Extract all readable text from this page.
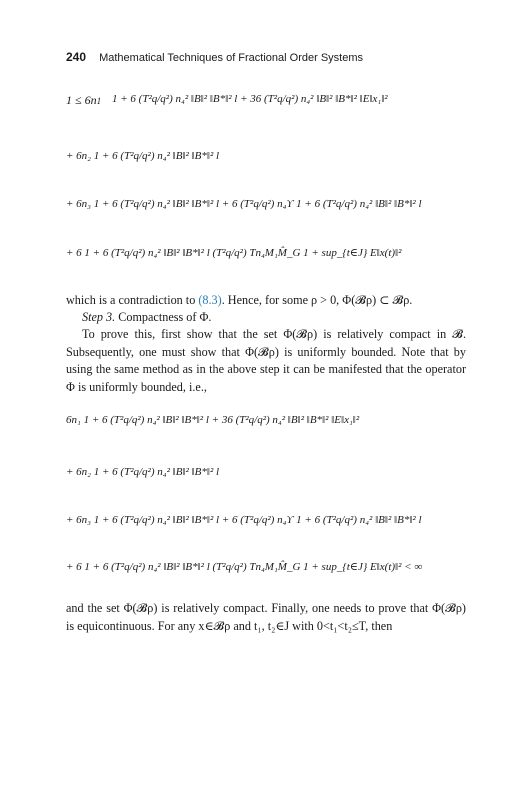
240 Mathematical Techniques of Fractional Order Systems
1 ≤ 6n1 1 + 6 (T²q/q²) n₄² ‖B‖² ‖B*‖² l + 36 (T²q/q²) n₄² ‖B‖² ‖B*‖² ‖E‖x₁‖²
+ 6n₂ 1 + 6 (T²q/q²) n₄² ‖B‖² ‖B*‖² l
+ 6n₃ 1 + 6 (T²q/q²) n₄² ‖B‖² ‖B*‖² l + 6 (T²q/q²) n₄ϒ 1 + 6 (T²q/q²) n₄² ‖B‖² ‖B*‖² l
+ 6 1 + 6 (T²q/q²) n₄² ‖B‖² ‖B*‖² l (T²q/q²) Tn₄M₁M̂_G 1 + sup_{t∈J} E‖x(t)‖²
which is a contradiction to (8.3). Hence, for some ρ > 0, Φ(𝓑ρ) ⊂ 𝓑ρ.
Step 3. Compactness of Φ.
To prove this, first show that the set Φ(𝓑ρ) is relatively compact in 𝓑. Subsequently, one must show that Φ(𝓑ρ) is uniformly bounded. Note that by using the same method as in the above step it can be manifested that the operator Φ is uniformly bounded, i.e.,
6n₁ 1 + 6 (T²q/q²) n₄² ‖B‖² ‖B*‖² l + 36 (T²q/q²) n₄² ‖B‖² ‖B*‖² ‖E‖x₁‖²
+ 6n₂ 1 + 6 (T²q/q²) n₄² ‖B‖² ‖B*‖² l
+ 6n₃ 1 + 6 (T²q/q²) n₄² ‖B‖² ‖B*‖² l + 6 (T²q/q²) n₄ϒ 1 + 6 (T²q/q²) n₄² ‖B‖² ‖B*‖² l
+ 6 1 + 6 (T²q/q²) n₄² ‖B‖² ‖B*‖² l (T²q/q²) Tn₄M₁M̂_G 1 + sup_{t∈J} E‖x(t)‖² < ∞
and the set Φ(𝓑ρ) is relatively compact. Finally, one needs to prove that Φ(𝓑ρ) is equicontinuous. For any x∈𝓑ρ and t₁, t₂∈J with 0<t₁<t₂≤T, then
